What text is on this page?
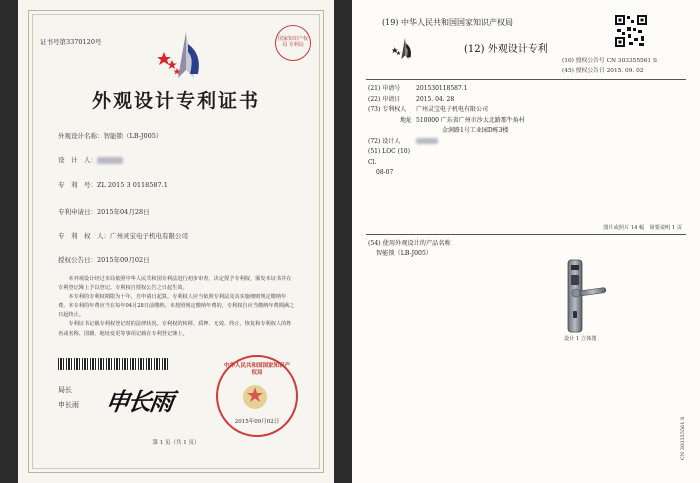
证书号第3370120号	国家知识产权局 专利局
外观设计专利证书
外观设计名称：智能锁（LB-J005）
设　计　人：
专　利　号：ZL 2015 3 0118587.1
专利申请日：2015年04月28日
专　利　权　人：广州灵宝电子机电有限公司
授权公告日：2015年09月02日
本外观设计经过本局依照中华人民共和国专利法进行初步审查，决定授予专利权，颁发本证书并在专利登记簿上予以登记。专利权自授权公告之日起生效。
本专利的专利权期限为十年，自申请日起算。专利权人应当依照专利法及其实施细则规定缴纳年费。本专利的年费应当在每年04月28日前缴纳。未按照规定缴纳年费的，专利权自应当缴纳年费期满之日起终止。
专利证书记载专利权登记时的法律状况。专利权的转移、质押、无效、终止、恢复和专利权人的姓名或名称、国籍、地址变更等事项记载在专利登记簿上。
局长
申长雨 申长雨
中华人民共和国国家知识产权局
2015年09月02日
第 1 页（共 1 页）
(19) 中华人民共和国国家知识产权局
(12) 外观设计专利
(10) 授权公告号 CN 303355561 S
(45) 授权公告日 2015. 09. 02
(21) 申请号	201530118587.1
(22) 申请日	2015. 04. 28
(73) 专利权人 广州灵宝电子机电有限公司
地址 510000 广东省广州市沙太北路那牛角村
金润路1号工业园D栋3楼
(72) 设计人
(51) LOC (10) Cl.
08-07
图片或照片 14 幅　简要说明 1 页
(54) 使用外观设计的产品名称
智能锁（LB-J005）
设计 1 立体图
CN 303355561 S
